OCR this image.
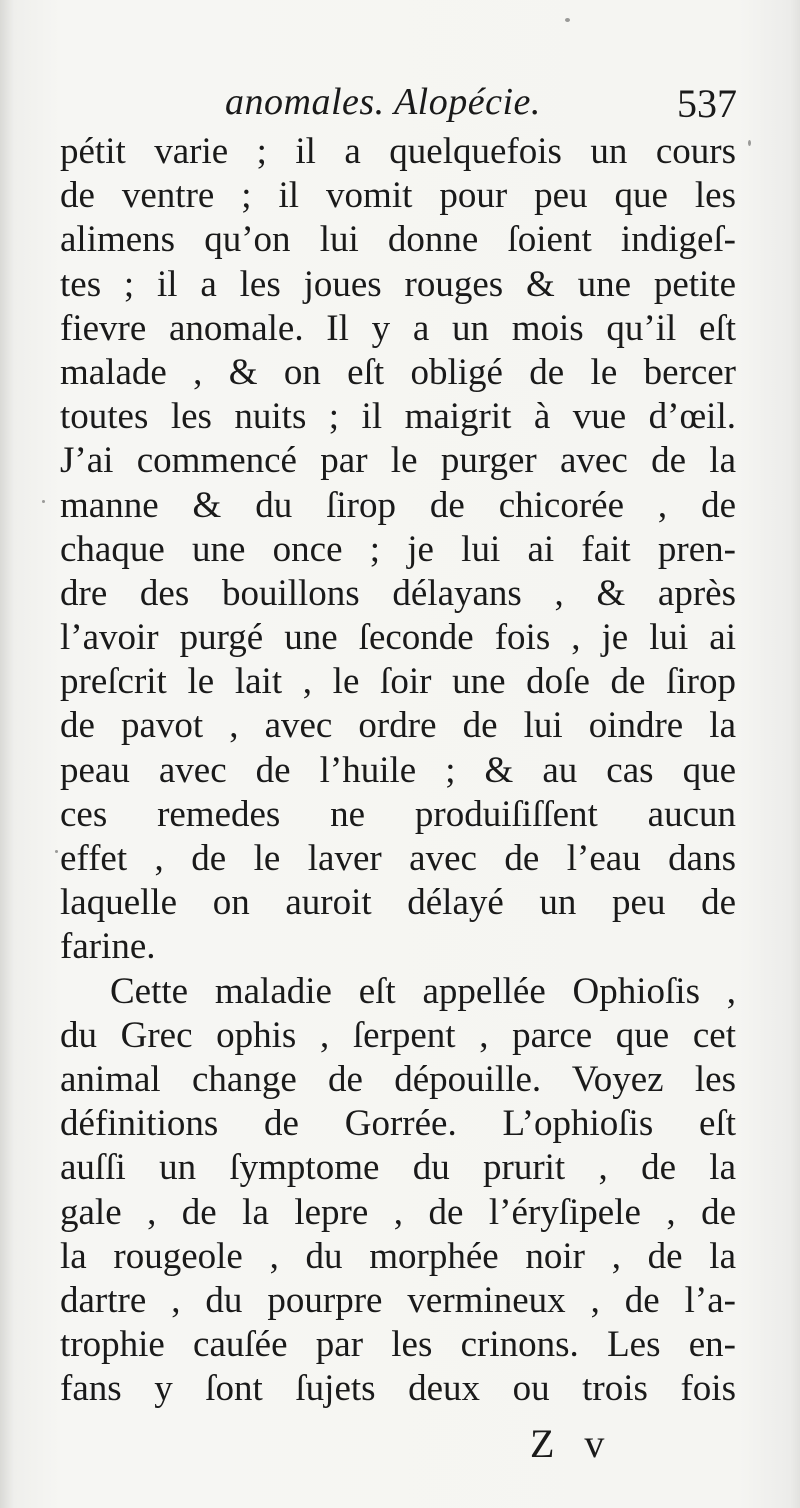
anomales. Alopécie.	537
pétit varie ; il a quelquefois un cours
de ventre ; il vomit pour peu que les
alimens qu’on lui donne ſoient indigeſ-
tes ; il a les joues rouges & une petite
fievre anomale. Il y a un mois qu’il eſt
malade , & on eſt obligé de le bercer
toutes les nuits ; il maigrit à vue d’œil.
J’ai commencé par le purger avec de la
manne & du ſirop de chicorée , de
chaque une once ; je lui ai fait pren-
dre des bouillons délayans , & après
l’avoir purgé une ſeconde fois , je lui ai
preſcrit le lait , le ſoir une doſe de ſirop
de pavot , avec ordre de lui oindre la
peau avec de l’huile ; & au cas que
ces remedes ne produiſiſſent aucun
effet , de le laver avec de l’eau dans
laquelle on auroit délayé un peu de
farine.
Cette maladie eſt appellée Ophioſis ,
du Grec ophis , ſerpent , parce que cet
animal change de dépouille. Voyez les
définitions de Gorrée. L’ophioſis eſt
auſſi un ſymptome du prurit , de la
gale , de la lepre , de l’éryſipele , de
la rougeole , du morphée noir , de la
dartre , du pourpre vermineux , de l’a-
trophie cauſée par les crinons. Les en-
fans y ſont ſujets deux ou trois fois
Z v
